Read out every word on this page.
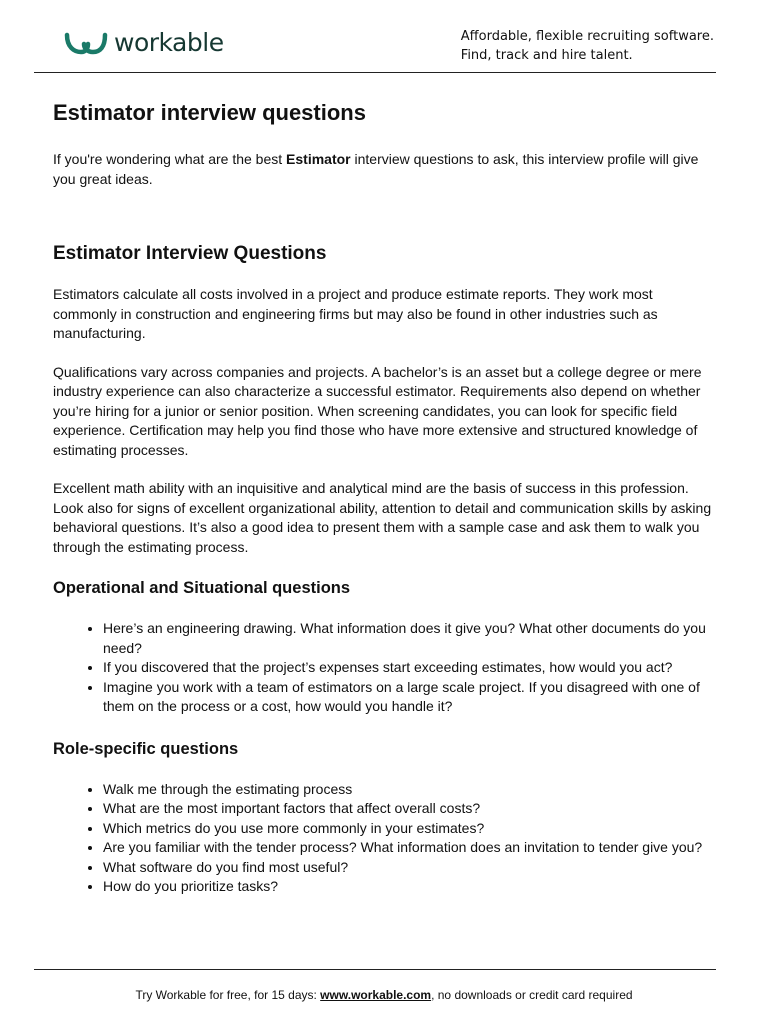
workable	Affordable, flexible recruiting software.
Find, track and hire talent.
Estimator interview questions

If you're wondering what are the best Estimator interview questions to ask, this interview profile will give you great ideas.

Estimator Interview Questions

Estimators calculate all costs involved in a project and produce estimate reports. They work most commonly in construction and engineering firms but may also be found in other industries such as manufacturing.

Qualifications vary across companies and projects. A bachelor’s is an asset but a college degree or mere industry experience can also characterize a successful estimator. Requirements also depend on whether you’re hiring for a junior or senior position. When screening candidates, you can look for specific field experience. Certification may help you find those who have more extensive and structured knowledge of estimating processes.

Excellent math ability with an inquisitive and analytical mind are the basis of success in this profession. Look also for signs of excellent organizational ability, attention to detail and communication skills by asking behavioral questions. It’s also a good idea to present them with a sample case and ask them to walk you through the estimating process.

Operational and Situational questions
• Here’s an engineering drawing. What information does it give you? What other documents do you need?
• If you discovered that the project’s expenses start exceeding estimates, how would you act?
• Imagine you work with a team of estimators on a large scale project. If you disagreed with one of them on the process or a cost, how would you handle it?
Role-specific questions
• Walk me through the estimating process
• What are the most important factors that affect overall costs?
• Which metrics do you use more commonly in your estimates?
• Are you familiar with the tender process? What information does an invitation to tender give you?
• What software do you find most useful?
• How do you prioritize tasks?
Try Workable for free, for 15 days: www.workable.com, no downloads or credit card required
